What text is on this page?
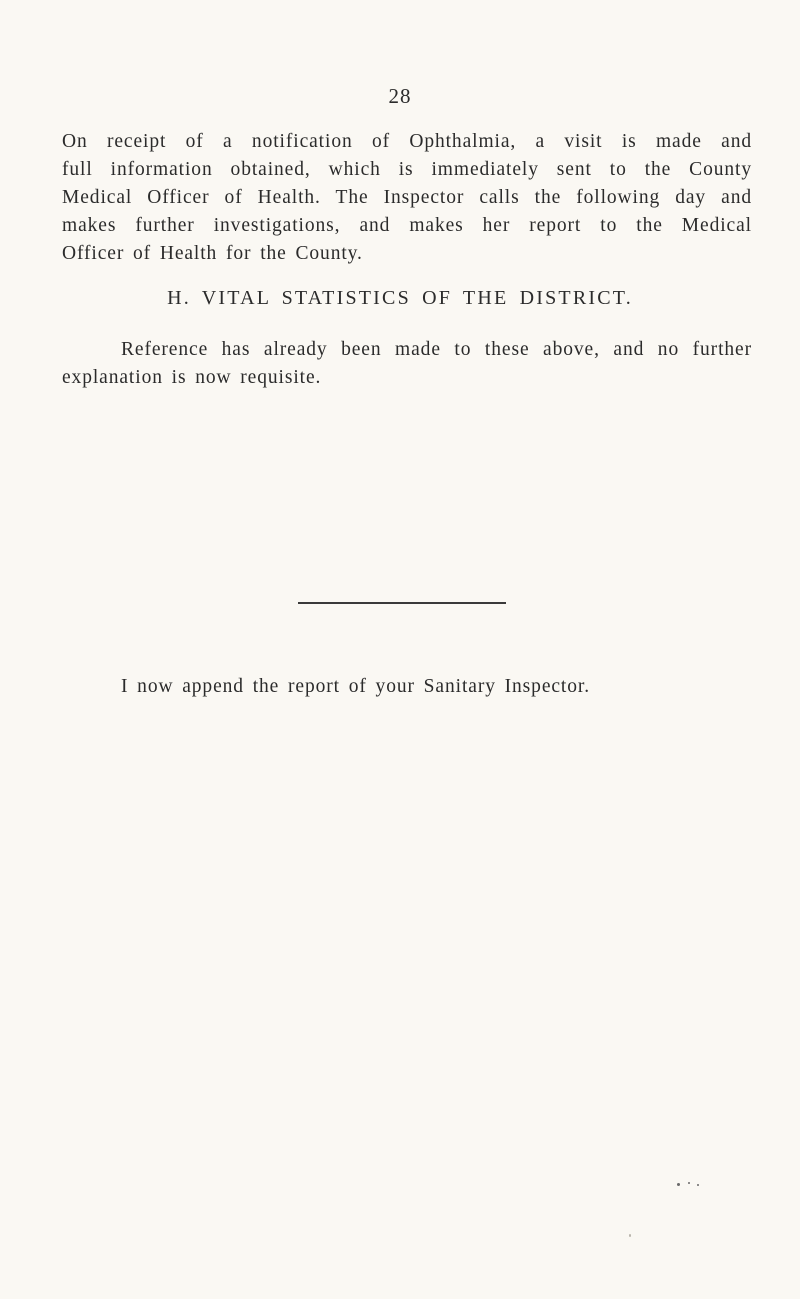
28
On receipt of a notification of Ophthalmia, a visit is made and
full information obtained, which is immediately sent to the County
Medical Officer of Health. The Inspector calls the following day and
makes further investigations, and makes her report to the Medical
Officer of Health for the County.
H. VITAL STATISTICS OF THE DISTRICT.
Reference has already been made to these above, and no further
explanation is now requisite.
I now append the report of your Sanitary Inspector.
